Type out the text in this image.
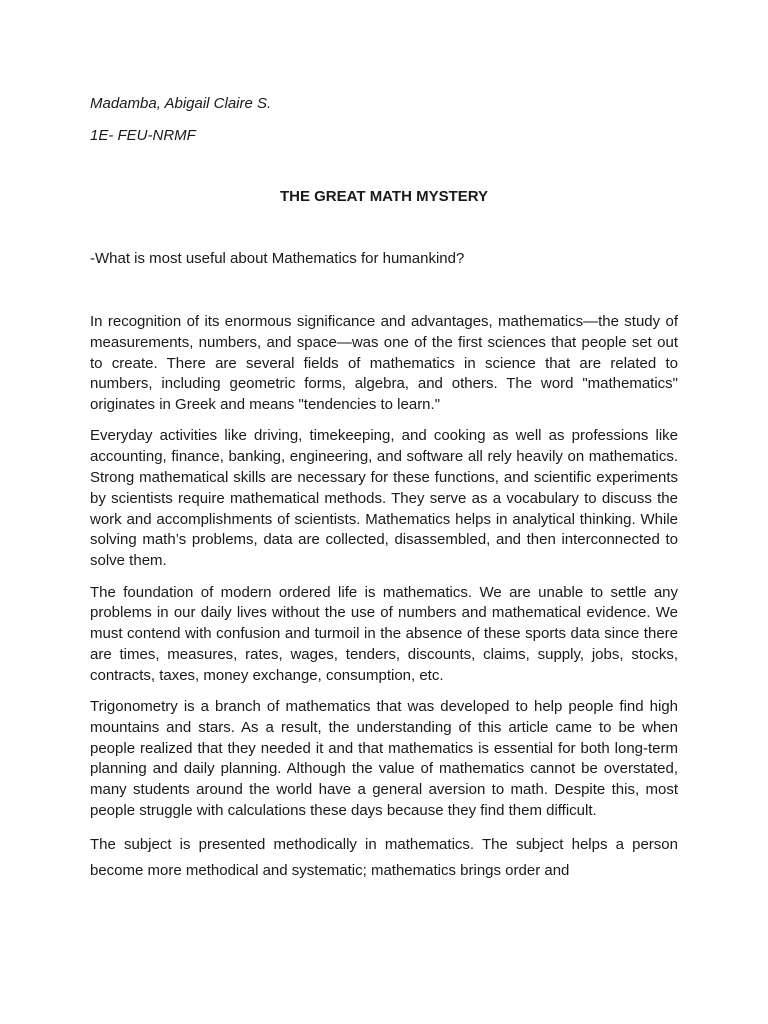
Madamba, Abigail Claire S.
1E- FEU-NRMF
THE GREAT MATH MYSTERY
-What is most useful about Mathematics for humankind?

In recognition of its enormous significance and advantages, mathematics—the study of measurements, numbers, and space—was one of the first sciences that people set out to create. There are several fields of mathematics in science that are related to numbers, including geometric forms, algebra, and others. The word "mathematics" originates in Greek and means "tendencies to learn."

Everyday activities like driving, timekeeping, and cooking as well as professions like accounting, finance, banking, engineering, and software all rely heavily on mathematics. Strong mathematical skills are necessary for these functions, and scientific experiments by scientists require mathematical methods. They serve as a vocabulary to discuss the work and accomplishments of scientists. Mathematics helps in analytical thinking. While solving math’s problems, data are collected, disassembled, and then interconnected to solve them.

The foundation of modern ordered life is mathematics. We are unable to settle any problems in our daily lives without the use of numbers and mathematical evidence. We must contend with confusion and turmoil in the absence of these sports data since there are times, measures, rates, wages, tenders, discounts, claims, supply, jobs, stocks, contracts, taxes, money exchange, consumption, etc.

Trigonometry is a branch of mathematics that was developed to help people find high mountains and stars. As a result, the understanding of this article came to be when people realized that they needed it and that mathematics is essential for both long-term planning and daily planning. Although the value of mathematics cannot be overstated, many students around the world have a general aversion to math. Despite this, most people struggle with calculations these days because they find them difficult.

The subject is presented methodically in mathematics. The subject helps a person become more methodical and systematic; mathematics brings order and
